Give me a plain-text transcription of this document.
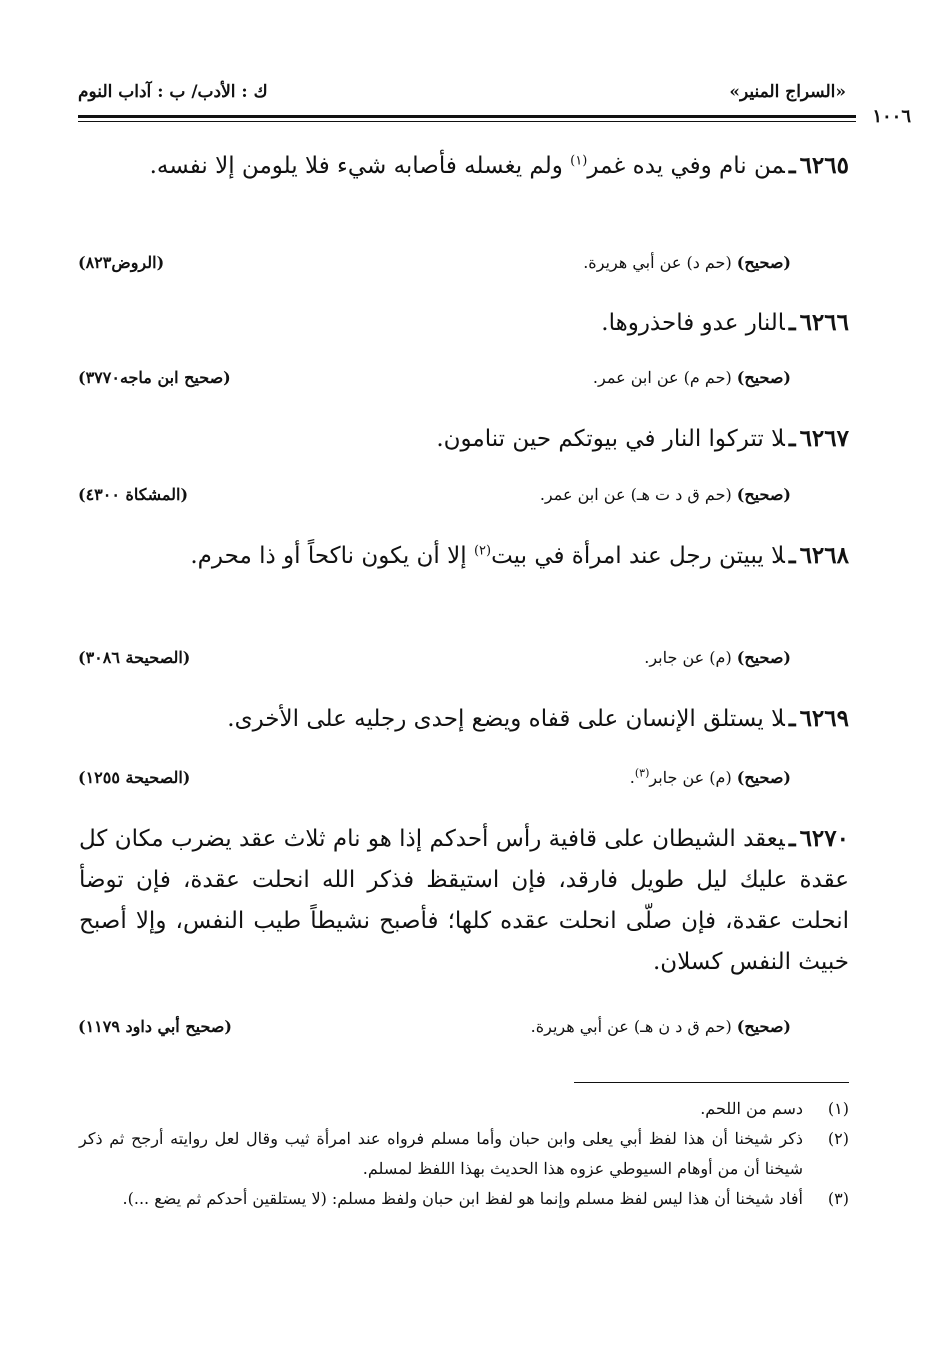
«السراج المنير»
ك : الأدب/ ب : آداب النوم
١٠٠٦
٦٢٦٥ـمن نام وفي يده غمر$^{(١)}$ ولم يغسله فأصابه شيء فلا يلومن إلا نفسه.
(صحيح) (حم د) عن أبي هريرة.
(الروض٨٢٣)
٦٢٦٦ـالنار عدو فاحذروها.
(صحيح) (حم م) عن ابن عمر.
(صحيح ابن ماجه٣٧٧٠)
٦٢٦٧ـلا تتركوا النار في بيوتكم حين تنامون.
(صحيح) (حم ق د ت هـ) عن ابن عمر.
(المشكاة ٤٣٠٠)
٦٢٦٨ـلا يبيتن رجل عند امرأة في بيت$^{(٢)}$ إلا أن يكون ناكحاً أو ذا محرم.
(صحيح) (م) عن جابر.
(الصحيحة ٣٠٨٦)
٦٢٦٩ـلا يستلق الإنسان على قفاه ويضع إحدى رجليه على الأخرى.
(صحيح) (م) عن جابر$^{(٣)}$.
(الصحيحة ١٢٥٥)
٦٢٧٠ـيعقد الشيطان على قافية رأس أحدكم إذا هو نام ثلاث عقد يضرب مكان كل عقدة عليك ليل طويل فارقد، فإن استيقظ فذكر الله انحلت عقدة، فإن توضأ انحلت عقدة، فإن صلّى انحلت عقده كلها؛ فأصبح نشيطاً طيب النفس، وإلا أصبح خبيث النفس كسلان.
(صحيح) (حم ق د ن هـ) عن أبي هريرة.
(صحيح أبي داود ١١٧٩)
(١)
دسم من اللحم.
(٢)
ذكر شيخنا أن هذا لفظ أبي يعلى وابن حبان وأما مسلم فرواه عند امرأة ثيب وقال لعل روايته أرجح ثم ذكر شيخنا أن من أوهام السيوطي عزوه هذا الحديث بهذا اللفظ لمسلم.
(٣)
أفاد شيخنا أن هذا ليس لفظ مسلم وإنما هو لفظ ابن حبان ولفظ مسلم: (لا يستلقين أحدكم ثم يضع ...).
